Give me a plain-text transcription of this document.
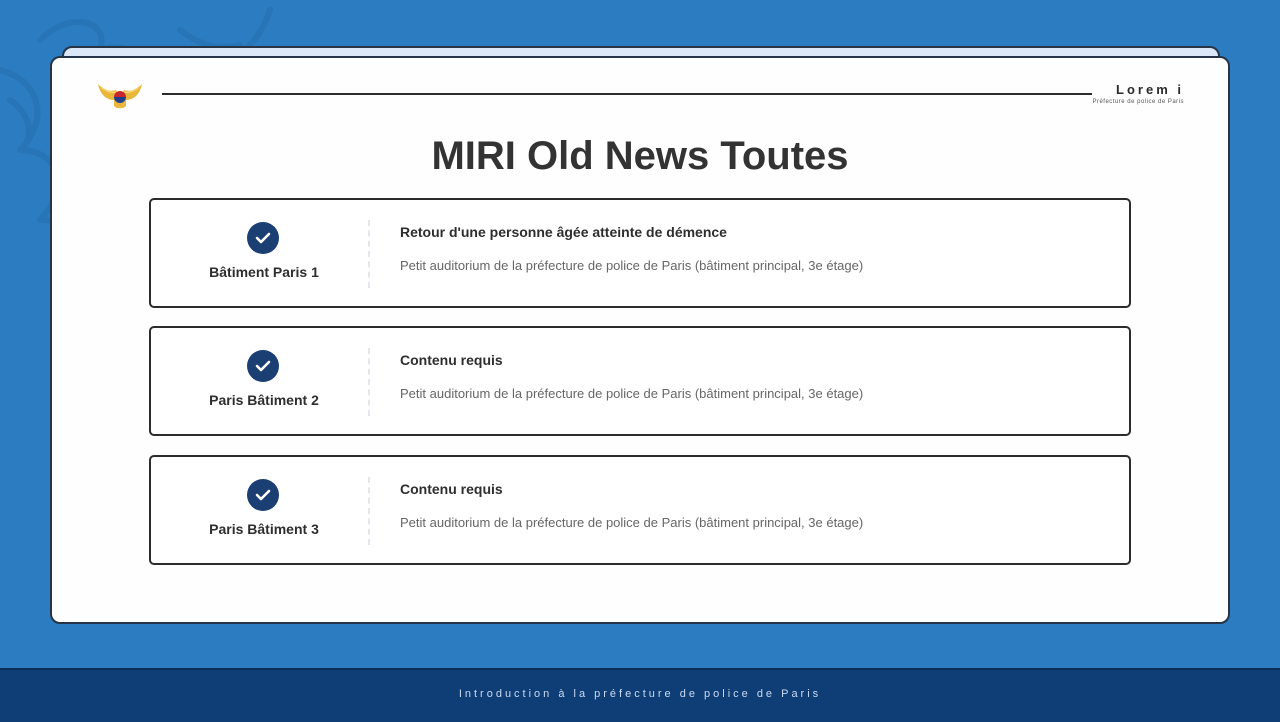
Lorem i
Préfecture de police de Paris
MIRI Old News Toutes
Bâtiment Paris 1
Retour d'une personne âgée atteinte de démence
Petit auditorium de la préfecture de police de Paris (bâtiment principal, 3e étage)
Paris Bâtiment 2
Contenu requis
Petit auditorium de la préfecture de police de Paris (bâtiment principal, 3e étage)
Paris Bâtiment 3
Contenu requis
Petit auditorium de la préfecture de police de Paris (bâtiment principal, 3e étage)
Introduction à la préfecture de police de Paris
